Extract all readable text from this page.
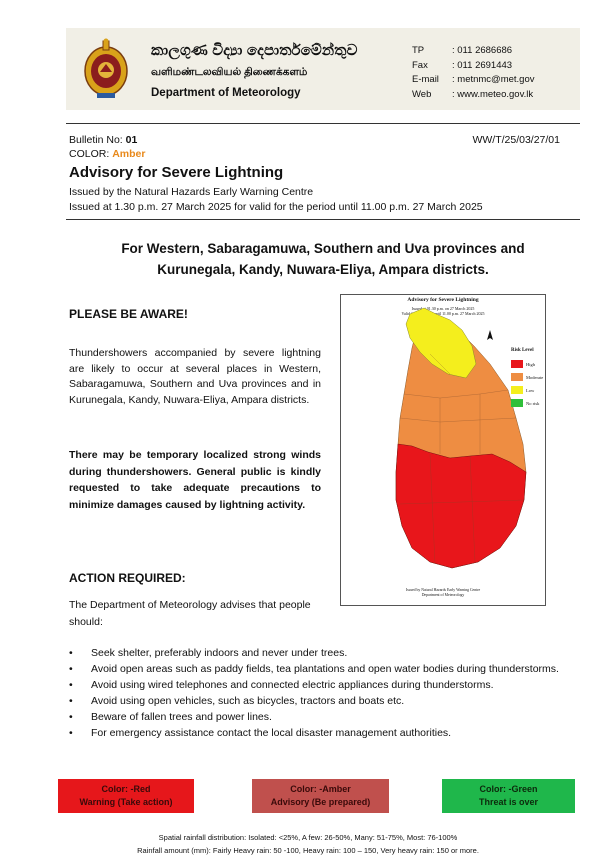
කාලගුණ විද්‍යා දෙපාර්තමේන්තුව
வளிமண்டலவியல் திணைக்களம்
Department of Meteorology
TP	: 011 2686686
Fax	: 011 2691443
E-mail	: metnmc@met.gov
Web	: www.meteo.gov.lk
Bulletin No: 01	WW/T/25/03/27/01
COLOR: Amber
Advisory for Severe Lightning
Issued by the Natural Hazards Early Warning Centre
Issued at 1.30 p.m. 27 March 2025 for valid for the period until 11.00 p.m. 27 March 2025
For Western, Sabaragamuwa, Southern and Uva provinces and
Kurunegala, Kandy, Nuwara-Eliya, Ampara districts.
PLEASE BE AWARE!
Thundershowers accompanied by severe lightning are likely to occur at several places in Western, Sabaragamuwa, Southern and Uva provinces and in Kurunegala, Kandy, Nuwara-Eliya, Ampara districts.
There may be temporary localized strong winds during thundershowers. General public is kindly requested to take adequate precautions to minimize damages caused by lightning activity.
Advisory for Severe Lightning
Issued at 01.30 p.m. on 27 March 2025
Valid for the period until 11.00 p.m. 27 March 2025
Risk Level
High
Moderate
Low
No risk
Issued by Natural Hazards Early Warning Centre
Department of Meteorology
ACTION REQUIRED:
The Department of Meteorology advises that people should:
•	Seek shelter, preferably indoors and never under trees.
•	Avoid open areas such as paddy fields, tea plantations and open water bodies during thunderstorms.
•	Avoid using wired telephones and connected electric appliances during thunderstorms.
•	Avoid using open vehicles, such as bicycles, tractors and boats etc.
•	Beware of fallen trees and power lines.
•	For emergency assistance contact the local disaster management authorities.
Color: -Red
Warning (Take action)
Color: -Amber
Advisory (Be prepared)
Color: -Green
Threat is over
Spatial rainfall distribution: Isolated: <25%, A few: 26-50%, Many: 51-75%, Most: 76-100%
Rainfall amount (mm): Fairly Heavy rain: 50 -100, Heavy rain: 100 – 150, Very heavy rain: 150 or more.
